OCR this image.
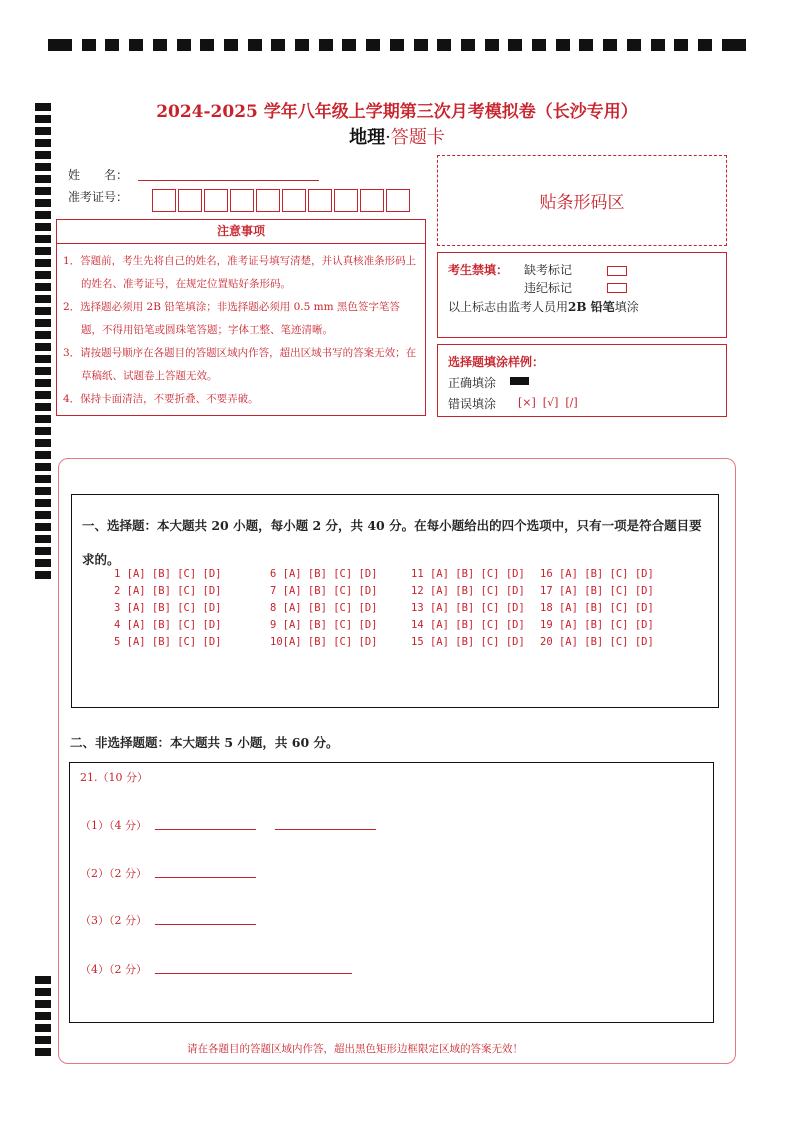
2024-2025 学年八年级上学期第三次月考模拟卷（长沙专用）
地理·答题卡
姓　　名：
准考证号：	贴条形码区
注意事项
1．答题前，考生先将自己的姓名，准考证号填写清楚，并认真核准条形码上的姓名、准考证号，在规定位置贴好条形码。
2．选择题必须用 2B 铅笔填涂；非选择题必须用 0.5 mm 黑色签字笔答题，不得用铅笔或圆珠笔答题；字体工整、笔迹清晰。
3．请按题号顺序在各题目的答题区域内作答，超出区域书写的答案无效；在草稿纸、试题卷上答题无效。
4．保持卡面清洁，不要折叠、不要弄破。
考生禁填： 缺考标记
违纪标记
以上标志由监考人员用2B 铅笔填涂
选择题填涂样例：
正确填涂
错误填涂 [×]  [√]  [/]
一、选择题：本大题共 20 小题，每小题 2 分，共 40 分。在每小题给出的四个选项中，只有一项是符合题目要求的。
1 [A] [B] [C] [D]
2 [A] [B] [C] [D]
3 [A] [B] [C] [D]
4 [A] [B] [C] [D]
5 [A] [B] [C] [D]
6 [A] [B] [C] [D]
7 [A] [B] [C] [D]
8 [A] [B] [C] [D]
9 [A] [B] [C] [D]
10[A] [B] [C] [D]
11 [A] [B] [C] [D]
12 [A] [B] [C] [D]
13 [A] [B] [C] [D]
14 [A] [B] [C] [D]
15 [A] [B] [C] [D]
16 [A] [B] [C] [D]
17 [A] [B] [C] [D]
18 [A] [B] [C] [D]
19 [A] [B] [C] [D]
20 [A] [B] [C] [D]
二、非选择题题：本大题共 5 小题，共 60 分。
21.（10 分）
（1）（4 分）
（2）（2 分）
（3）（2 分）
（4）（2 分）
请在各题目的答题区域内作答，超出黑色矩形边框限定区域的答案无效！
